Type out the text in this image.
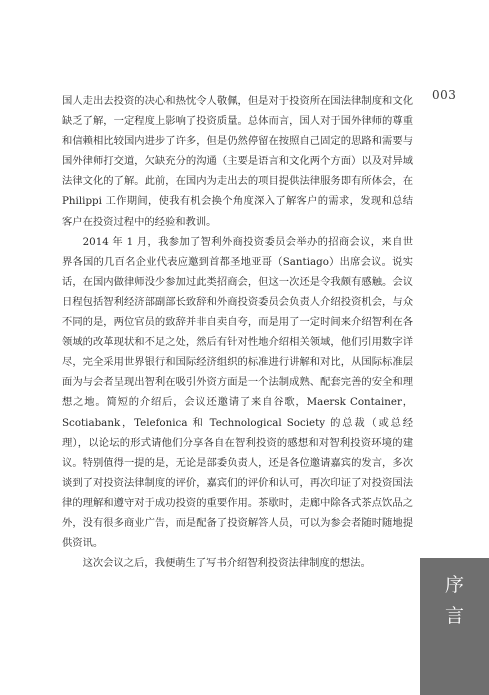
003

国人走出去投资的决心和热忱令人敬佩，但是对于投资所在国法律制度和文化缺乏了解，一定程度上影响了投资质量。总体而言，国人对于国外律师的尊重和信赖相比较国内进步了许多，但是仍然停留在按照自己固定的思路和需要与国外律师打交道，欠缺充分的沟通（主要是语言和文化两个方面）以及对异域法律文化的了解。此前，在国内为走出去的项目提供法律服务即有所体会，在 Philippi 工作期间，使我有机会换个角度深入了解客户的需求，发现和总结客户在投资过程中的经验和教训。

2014 年 1 月，我参加了智利外商投资委员会举办的招商会议，来自世界各国的几百名企业代表应邀到首都圣地亚哥（Santiago）出席会议。说实话，在国内做律师没少参加过此类招商会，但这一次还是令我颇有感触。会议日程包括智利经济部副部长致辞和外商投资委员会负责人介绍投资机会，与众不同的是，两位官员的致辞并非自卖自夸，而是用了一定时间来介绍智利在各领域的改革现状和不足之处，然后有针对性地介绍相关领域，他们引用数字详尽，完全采用世界银行和国际经济组织的标准进行讲解和对比，从国际标准层面为与会者呈现出智利在吸引外资方面是一个法制成熟、配套完善的安全和理想之地。简短的介绍后，会议还邀请了来自谷歌，Maersk Container，Scotiabank，Telefonica 和 Technological Society 的总裁（或总经理），以论坛的形式请他们分享各自在智利投资的感想和对智利投资环境的建议。特别值得一提的是，无论是部委负责人，还是各位邀请嘉宾的发言，多次谈到了对投资法律制度的评价，嘉宾们的评价和认可，再次印证了对投资国法律的理解和遵守对于成功投资的重要作用。茶歇时，走廊中除各式茶点饮品之外，没有很多商业广告，而是配备了投资解答人员，可以为参会者随时随地提供资讯。

这次会议之后，我便萌生了写书介绍智利投资法律制度的想法。

序
言
